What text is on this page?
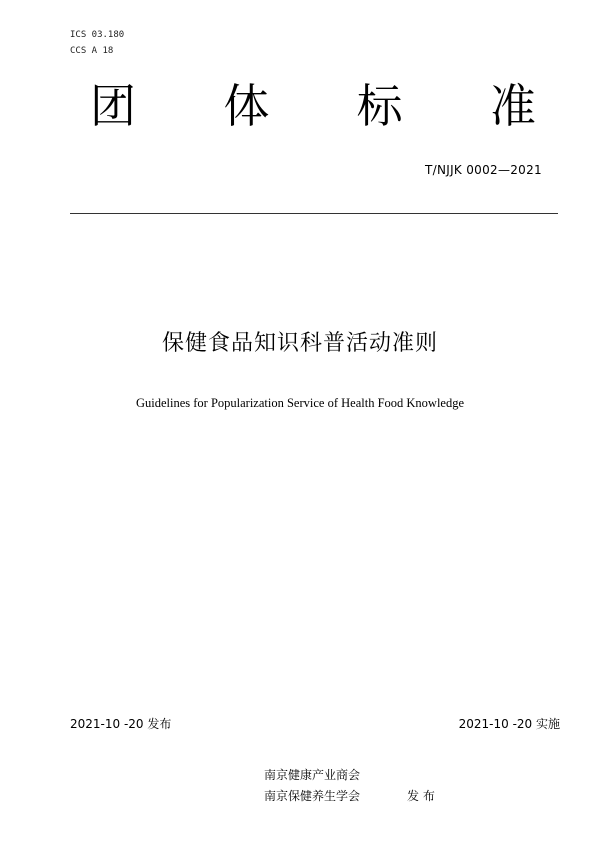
ICS 03.180
CCS A 18
团 体 标 准
T/NJJK 0002—2021
保健食品知识科普活动准则
Guidelines for Popularization Service of Health Food Knowledge
2021-10 -20 发布	2021-10 -20 实施
南京健康产业商会
南京保健养生学会	发 布
